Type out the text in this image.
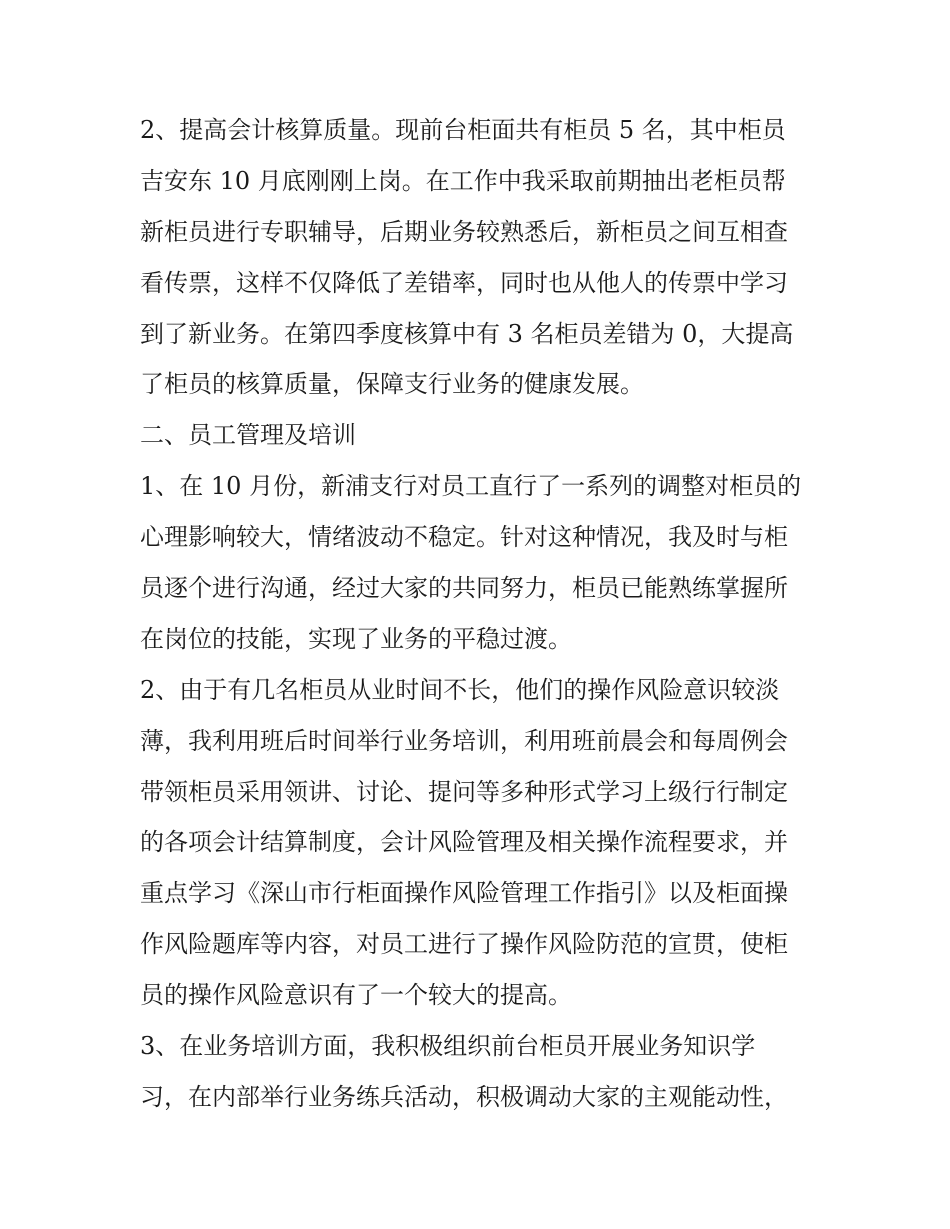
2、提高会计核算质量。现前台柜面共有柜员 5 名，其中柜员
吉安东 10 月底刚刚上岗。在工作中我采取前期抽出老柜员帮
新柜员进行专职辅导，后期业务较熟悉后，新柜员之间互相查
看传票，这样不仅降低了差错率，同时也从他人的传票中学习
到了新业务。在第四季度核算中有 3 名柜员差错为 0，大提高
了柜员的核算质量，保障支行业务的健康发展。
二、员工管理及培训
1、在 10 月份，新浦支行对员工直行了一系列的调整对柜员的
心理影响较大，情绪波动不稳定。针对这种情况，我及时与柜
员逐个进行沟通，经过大家的共同努力，柜员已能熟练掌握所
在岗位的技能，实现了业务的平稳过渡。
2、由于有几名柜员从业时间不长，他们的操作风险意识较淡
薄，我利用班后时间举行业务培训，利用班前晨会和每周例会
带领柜员采用领讲、讨论、提问等多种形式学习上级行行制定
的各项会计结算制度，会计风险管理及相关操作流程要求，并
重点学习《深山市行柜面操作风险管理工作指引》以及柜面操
作风险题库等内容，对员工进行了操作风险防范的宣贯，使柜
员的操作风险意识有了一个较大的提高。
3、在业务培训方面，我积极组织前台柜员开展业务知识学
习，在内部举行业务练兵活动，积极调动大家的主观能动性，
